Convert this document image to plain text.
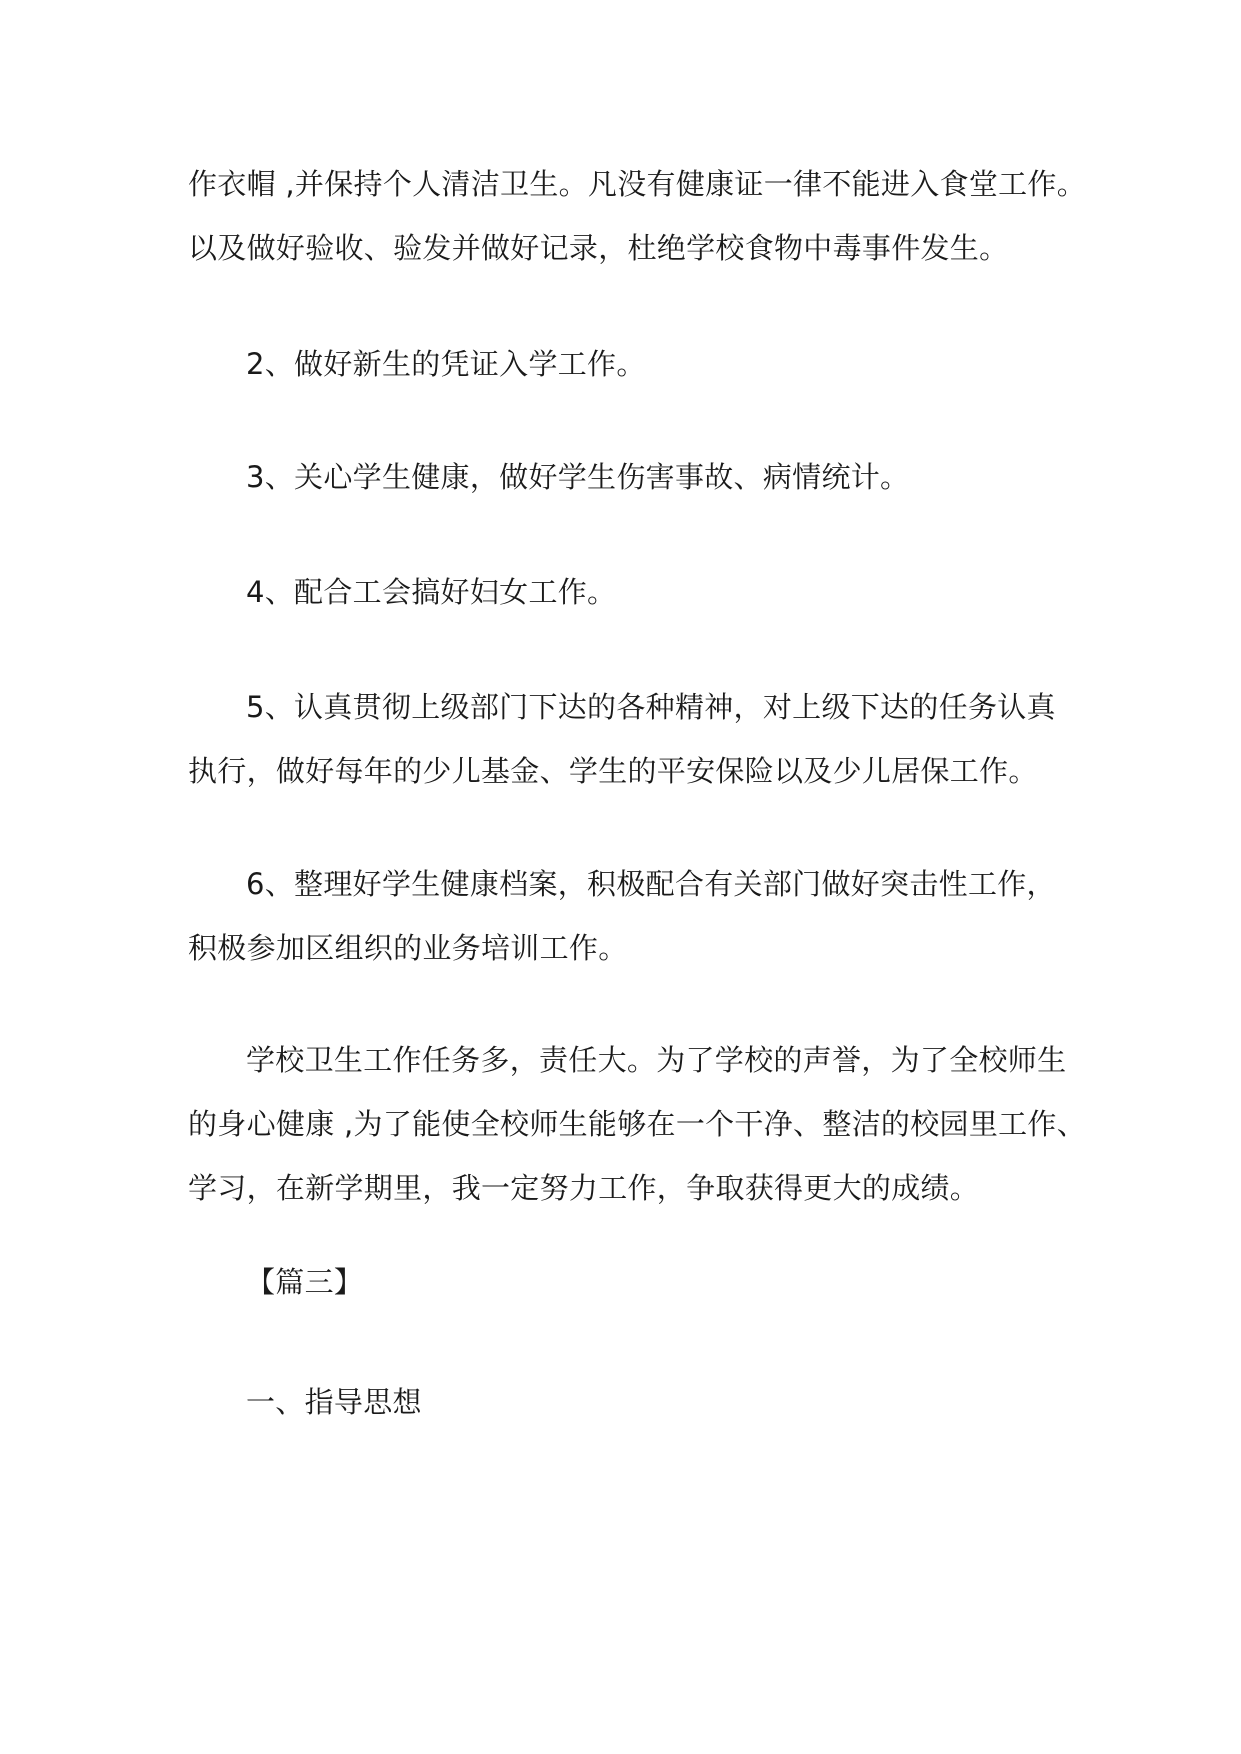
作衣帽 ,并保持个人清洁卫生。凡没有健康证一律不能进入食堂工作。
以及做好验收、验发并做好记录，杜绝学校食物中毒事件发生。

2、做好新生的凭证入学工作。

3、关心学生健康，做好学生伤害事故、病情统计。

4、配合工会搞好妇女工作。

5、认真贯彻上级部门下达的各种精神，对上级下达的任务认真
执行，做好每年的少儿基金、学生的平安保险以及少儿居保工作。

6、整理好学生健康档案，积极配合有关部门做好突击性工作，
积极参加区组织的业务培训工作。

学校卫生工作任务多，责任大。为了学校的声誉，为了全校师生
的身心健康 ,为了能使全校师生能够在一个干净、整洁的校园里工作、
学习，在新学期里，我一定努力工作，争取获得更大的成绩。

【篇三】

一、指导思想
